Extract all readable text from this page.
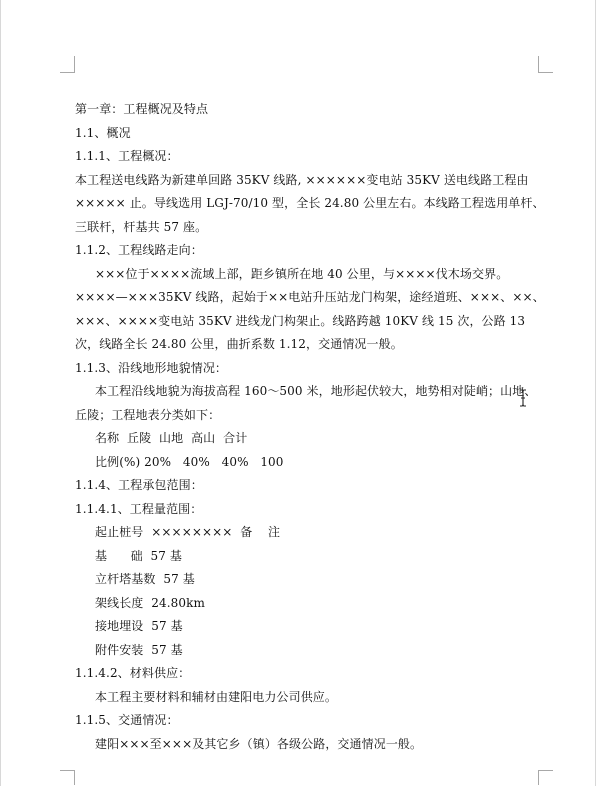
第一章：工程概况及特点

1.1、概况

1.1.1、工程概况：

本工程送电线路为新建单回路 35KV 线路, ××××××变电站 35KV 送电线路工程由××××× 止。导线选用 LGJ-70/10 型，全长 24.80 公里左右。本线路工程选用单杆、三联杆，杆基共 57 座。

1.1.2、工程线路走向：

×××位于××××流域上部，距乡镇所在地 40 公里，与××××伐木场交界。××××—×××35KV 线路，起始于××电站升压站龙门构架，途经道班、×××、××、×××、××××变电站 35KV 进线龙门构架止。线路跨越 10KV 线 15 次，公路 13 次，线路全长 24.80 公里，曲折系数 1.12，交通情况一般。

1.1.3、沿线地形地貌情况：

本工程沿线地貌为海拔高程 160～500 米，地形起伏较大，地势相对陡峭；山地、丘陵；工程地表分类如下：

名称  丘陵  山地  高山  合计

比例(%) 20%   40%   40%   100

1.1.4、工程承包范围：

1.1.4.1、工程量范围：

起止桩号  ××××××××  备    注

基      础  57 基

立杆塔基数  57 基

架线长度  24.80km

接地埋设  57 基

附件安装  57 基

1.1.4.2、材料供应：

本工程主要材料和辅材由建阳电力公司供应。

1.1.5、交通情况：

建阳×××至×××及其它乡（镇）各级公路，交通情况一般。
